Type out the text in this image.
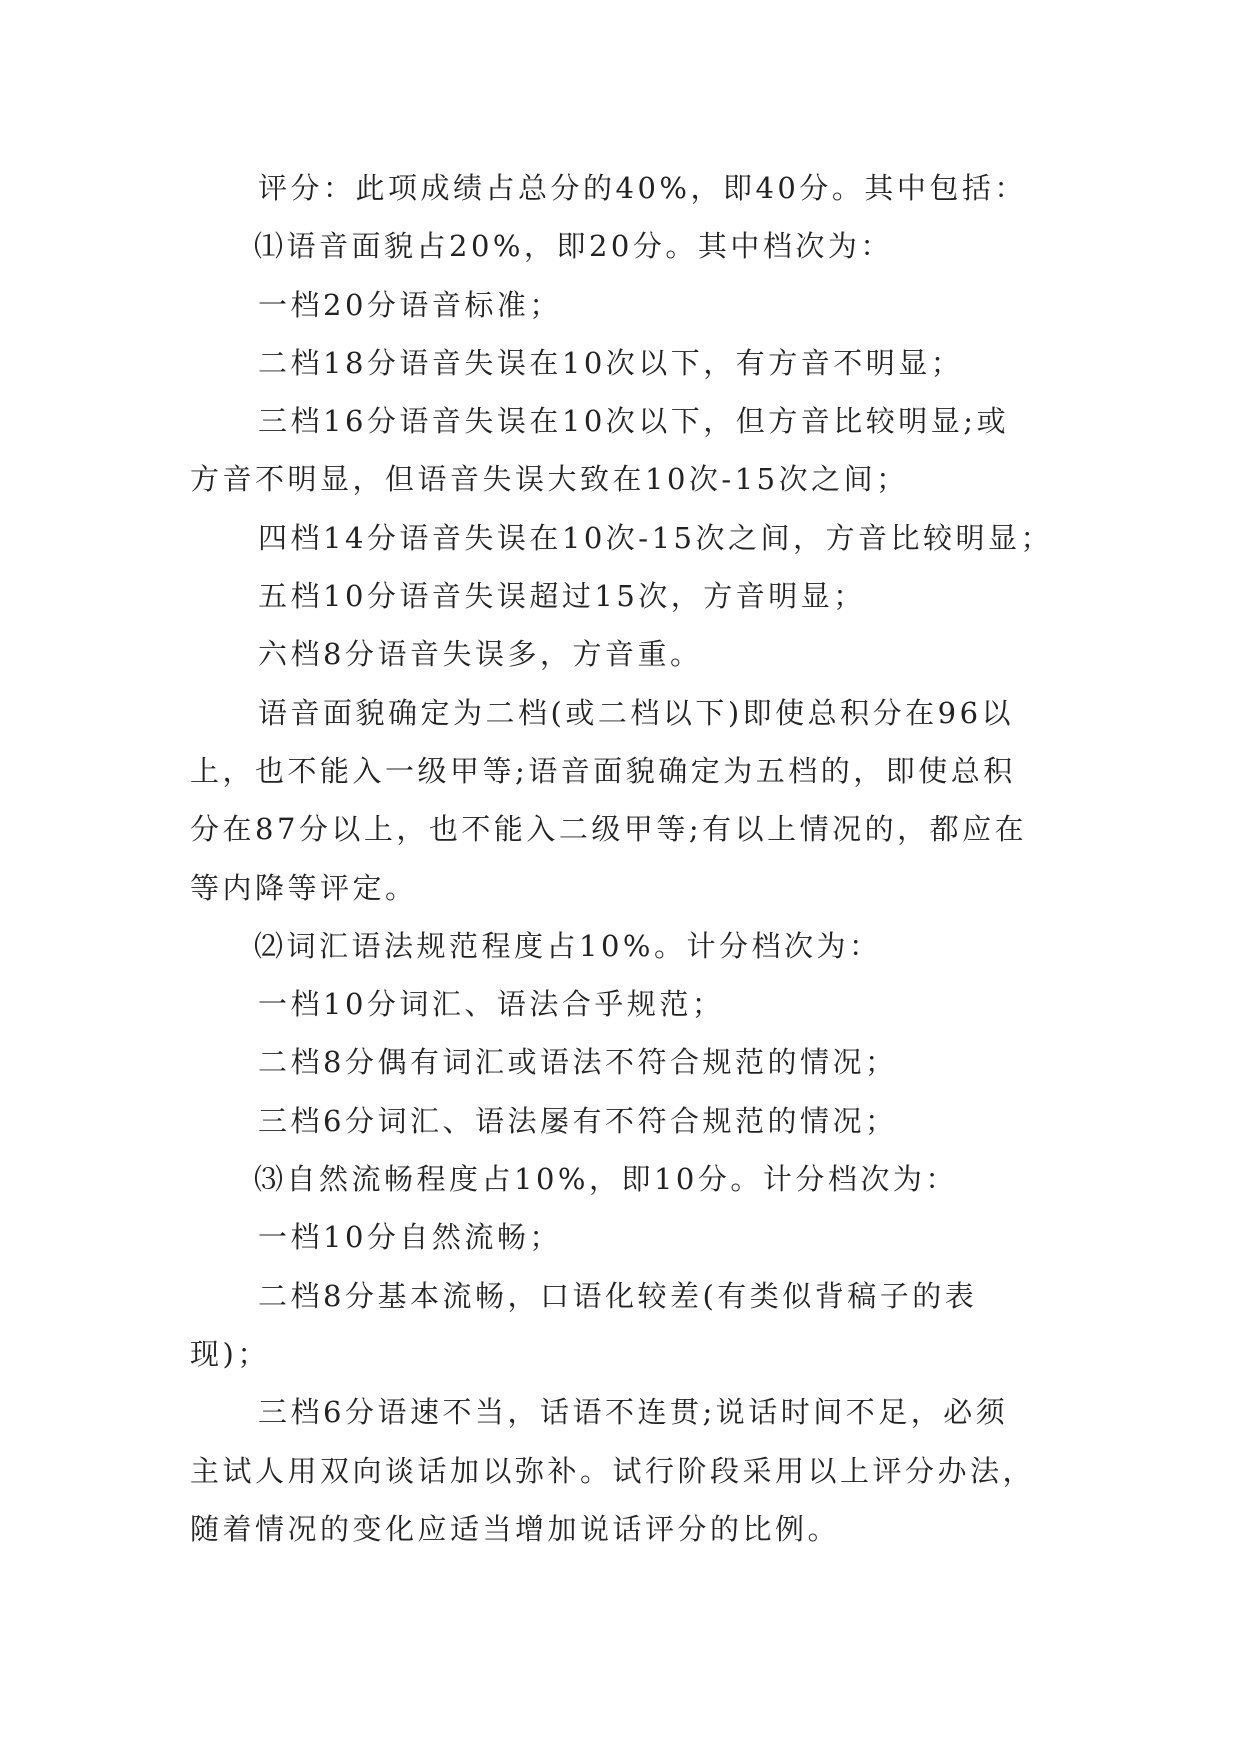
评分：此项成绩占总分的40%，即40分。其中包括：
⑴语音面貌占20%，即20分。其中档次为：
一档20分语音标准；
二档18分语音失误在10次以下，有方音不明显；
三档16分语音失误在10次以下，但方音比较明显;或
方音不明显，但语音失误大致在10次-15次之间；
四档14分语音失误在10次-15次之间，方音比较明显；
五档10分语音失误超过15次，方音明显；
六档8分语音失误多，方音重。
语音面貌确定为二档(或二档以下)即使总积分在96以
上，也不能入一级甲等;语音面貌确定为五档的，即使总积
分在87分以上，也不能入二级甲等;有以上情况的，都应在
等内降等评定。
⑵词汇语法规范程度占10%。计分档次为：
一档10分词汇、语法合乎规范；
二档8分偶有词汇或语法不符合规范的情况；
三档6分词汇、语法屡有不符合规范的情况；
⑶自然流畅程度占10%，即10分。计分档次为：
一档10分自然流畅；
二档8分基本流畅，口语化较差(有类似背稿子的表
现)；
三档6分语速不当，话语不连贯;说话时间不足，必须
主试人用双向谈话加以弥补。试行阶段采用以上评分办法，
随着情况的变化应适当增加说话评分的比例。
